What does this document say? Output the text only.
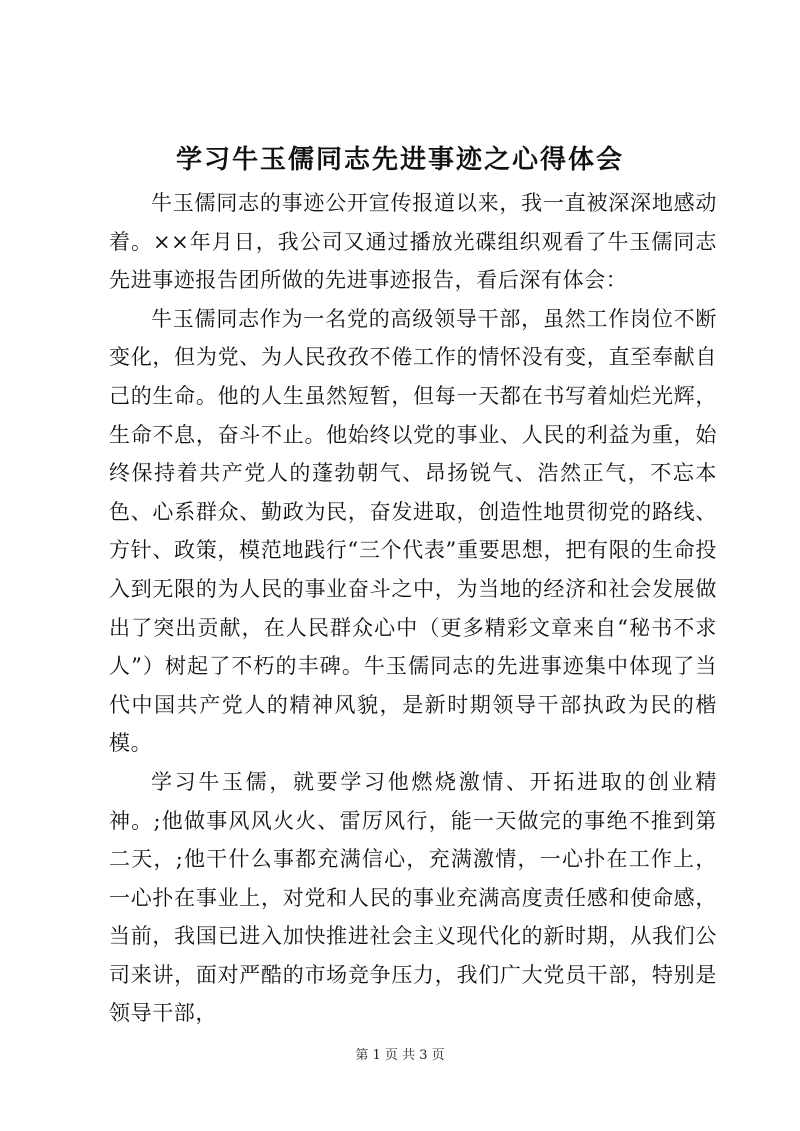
学习牛玉儒同志先进事迹之心得体会

牛玉儒同志的事迹公开宣传报道以来，我一直被深深地感动着。××年月日，我公司又通过播放光碟组织观看了牛玉儒同志先进事迹报告团所做的先进事迹报告，看后深有体会：

牛玉儒同志作为一名党的高级领导干部，虽然工作岗位不断变化，但为党、为人民孜孜不倦工作的情怀没有变，直至奉献自己的生命。他的人生虽然短暂，但每一天都在书写着灿烂光辉，生命不息，奋斗不止。他始终以党的事业、人民的利益为重，始终保持着共产党人的蓬勃朝气、昂扬锐气、浩然正气，不忘本色、心系群众、勤政为民，奋发进取，创造性地贯彻党的路线、方针、政策，模范地践行“三个代表”重要思想，把有限的生命投入到无限的为人民的事业奋斗之中，为当地的经济和社会发展做出了突出贡献，在人民群众心中（更多精彩文章来自“秘书不求人”）树起了不朽的丰碑。牛玉儒同志的先进事迹集中体现了当代中国共产党人的精神风貌，是新时期领导干部执政为民的楷模。

学习牛玉儒，就要学习他燃烧激情、开拓进取的创业精神。;他做事风风火火、雷厉风行，能一天做完的事绝不推到第二天，;他干什么事都充满信心，充满激情，一心扑在工作上，一心扑在事业上，对党和人民的事业充满高度责任感和使命感，当前，我国已进入加快推进社会主义现代化的新时期，从我们公司来讲，面对严酷的市场竞争压力，我们广大党员干部，特别是领导干部，

第 1 页 共 3 页
